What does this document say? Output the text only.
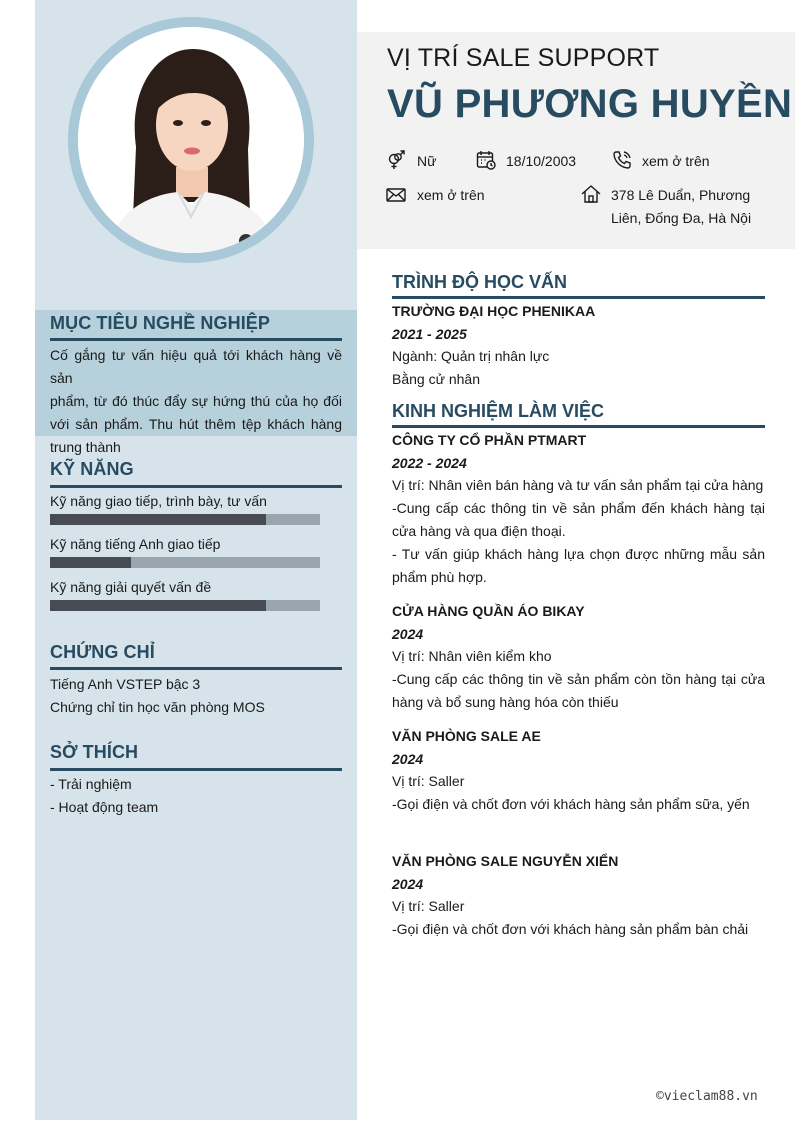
MỤC TIÊU NGHỀ NGHIỆP
Cố gắng tư vấn hiệu quả tới khách hàng về sản
phẩm, từ đó thúc đẩy sự hứng thú của họ đối
với sản phẩm. Thu hút thêm tệp khách hàng
trung thành
KỸ NĂNG
Kỹ năng giao tiếp, trình bày, tư vấn
Kỹ năng tiếng Anh giao tiếp
Kỹ năng giải quyết vấn đề
CHỨNG CHỈ
Tiếng Anh VSTEP bậc 3
Chứng chỉ tin học văn phòng MOS
SỞ THÍCH
- Trải nghiệm
- Hoạt động team
VỊ TRÍ SALE SUPPORT
VŨ PHƯƠNG HUYỀN
Nữ	18/10/2003	xem ở trên
xem ở trên	378 Lê Duẩn, Phương
Liên, Đống Đa, Hà Nội
TRÌNH ĐỘ HỌC VẤN
TRƯỜNG ĐẠI HỌC PHENIKAA
2021 - 2025
Ngành: Quản trị nhân lực
Bằng cử nhân
KINH NGHIỆM LÀM VIỆC
CÔNG TY CỔ PHẦN PTMART
2022 - 2024
Vị trí: Nhân viên bán hàng và tư vấn sản phẩm tại cửa hàng
-Cung cấp các thông tin về sản phẩm đến khách hàng tại
cửa hàng và qua điện thoại.
- Tư vấn giúp khách hàng lựa chọn được những mẫu sản
phẩm phù hợp.
CỬA HÀNG QUẦN ÁO BIKAY
2024
Vị trí: Nhân viên kiểm kho
-Cung cấp các thông tin về sản phẩm còn tồn hàng tại cửa
hàng và bổ sung hàng hóa còn thiếu
VĂN PHÒNG SALE AE
2024
Vị trí: Saller
-Gọi điện và chốt đơn với khách hàng sản phẩm sữa, yến
VĂN PHÒNG SALE NGUYỄN XIỂN
2024
Vị trí: Saller
-Gọi điện và chốt đơn với khách hàng sản phẩm bàn chải
©vieclam88.vn
